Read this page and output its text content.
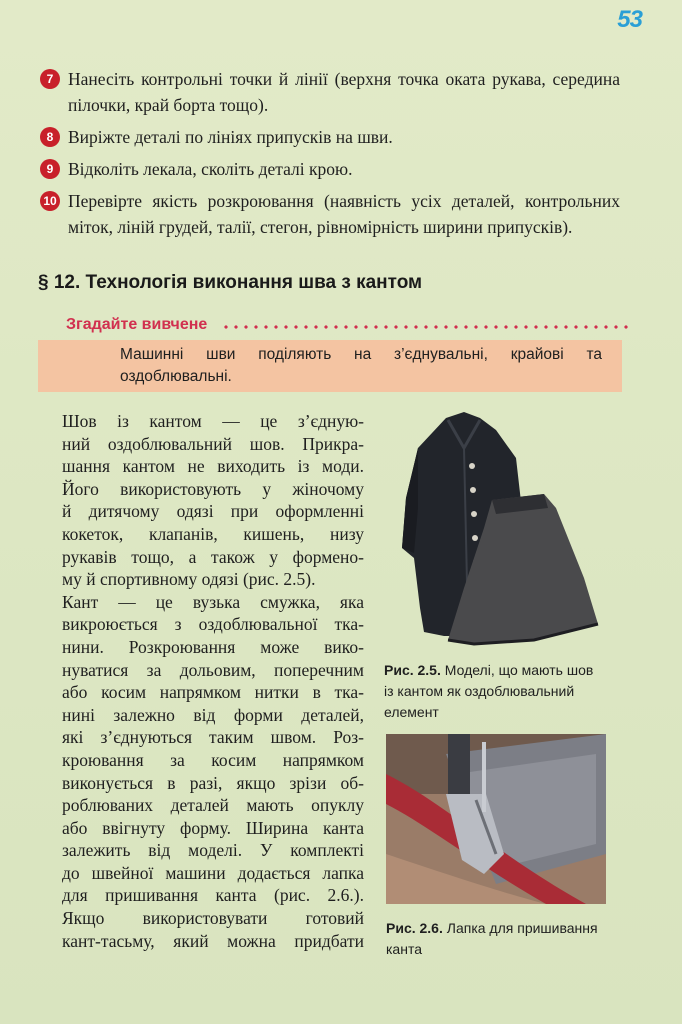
53
7 Нанесіть контрольні точки й лінії (верхня точка оката рукава, середина пілочки, край борта тощо).
8 Виріжте деталі по лініях припусків на шви.
9 Відколіть лекала, сколіть деталі крою.
10 Перевірте якість розкроювання (наявність усіх деталей, контрольних міток, ліній грудей, талії, стегон, рівномірність ширини припусків).
§ 12. Технологія виконання шва з кантом
Згадайте вивчене
Машинні шви поділяють на з’єднувальні, крайові та оздоблювальні.
Шов із кантом — це з’єдную-
ний оздоблювальний шов. Прикра-
шання кантом не виходить із моди.
Його використовують у жіночому
й дитячому одязі при оформленні
кокеток, клапанів, кишень, низу
рукавів тощо, а також у формено-
му й спортивному одязі (рис. 2.5).
Кант — це вузька смужка, яка
викроюється з оздоблювальної тка-
нини. Розкроювання може вико-
нуватися за дольовим, поперечним
або косим напрямком нитки в тка-
нині залежно від форми деталей,
які з’єднуються таким швом. Роз-
кроювання за косим напрямком
виконується в разі, якщо зрізи об-
роблюваних деталей мають опуклу
або ввігнуту форму. Ширина канта
залежить від моделі. У комплекті
до швейної машини додається лапка
для пришивання канта (рис. 2.6.).
Якщо використовувати готовий
кант-тасьму, який можна придбати
Рис. 2.5. Моделі, що мають шов із кантом як оздоблювальний елемент
Рис. 2.6. Лапка для пришивання канта
